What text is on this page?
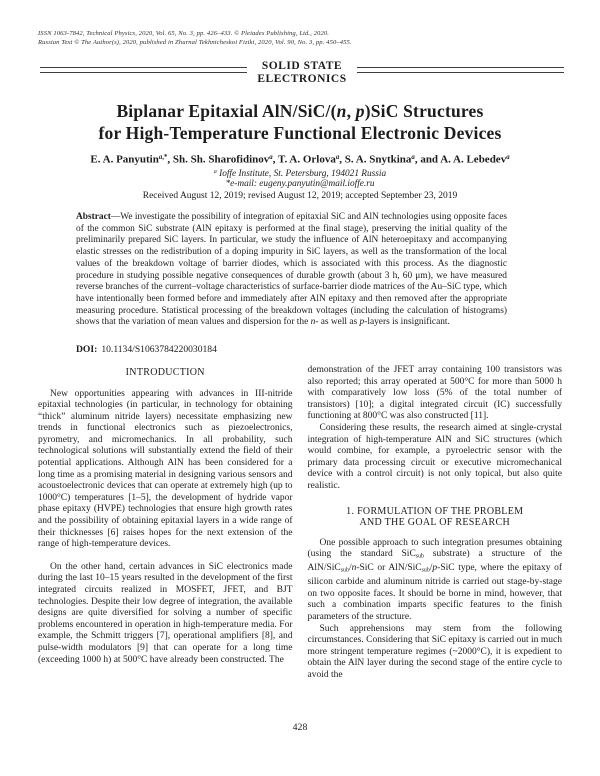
ISSN 1063-7842, Technical Physics, 2020, Vol. 65, No. 3, pp. 426–433. © Pleiades Publishing, Ltd., 2020.
Russian Text © The Author(s), 2020, published in Zhurnal Tekhnicheskoi Fiziki, 2020, Vol. 90, No. 3, pp. 450–455.
SOLID STATE
ELECTRONICS
Biplanar Epitaxial AlN/SiC/(n, p)SiC Structures
for High-Temperature Functional Electronic Devices
E. A. Panyutin$^{a,*}$, Sh. Sh. Sharofidinov$^a$, T. A. Orlova$^a$, S. A. Snytkina$^a$, and A. A. Lebedev$^a$
$^a$ Ioffe Institute, St. Petersburg, 194021 Russia
*e-mail: eugeny.panyutin@mail.ioffe.ru
Received August 12, 2019; revised August 12, 2019; accepted September 23, 2019

Abstract—We investigate the possibility of integration of epitaxial SiC and AlN technologies using opposite faces of the common SiC substrate (AlN epitaxy is performed at the final stage), preserving the initial quality of the preliminarily prepared SiC layers. In particular, we study the influence of AlN heteroepitaxy and accompanying elastic stresses on the redistribution of a doping impurity in SiC layers, as well as the transformation of the local values of the breakdown voltage of barrier diodes, which is associated with this process. As the diagnostic procedure in studying possible negative consequences of durable growth (about 3 h, 60 μm), we have measured reverse branches of the current–voltage characteristics of surface-barrier diode matrices of the Au–SiC type, which have intentionally been formed before and immediately after AlN epitaxy and then removed after the appropriate measuring procedure. Statistical processing of the breakdown voltages (including the calculation of histograms) shows that the variation of mean values and dispersion for the n- as well as p-layers is insignificant.

DOI: 10.1134/S1063784220030184
INTRODUCTION

New opportunities appearing with advances in III-nitride epitaxial technologies (in particular, in technology for obtaining “thick” aluminum nitride layers) necessitate emphasizing new trends in functional electronics such as piezoelectronics, pyrometry, and micromechanics. In all probability, such technological solutions will substantially extend the field of their potential applications. Although AlN has been considered for a long time as a promising material in designing various sensors and acoustoelectronic devices that can operate at extremely high (up to 1000°C) temperatures [1–5], the development of hydride vapor phase epitaxy (HVPE) technologies that ensure high growth rates and the possibility of obtaining epitaxial layers in a wide range of their thicknesses [6] raises hopes for the next extension of the range of high-temperature devices.

On the other hand, certain advances in SiC electronics made during the last 10–15 years resulted in the development of the first integrated circuits realized in MOSFET, JFET, and BJT technologies. Despite their low degree of integration, the available designs are quite diversified for solving a number of specific problems encountered in operation in high-temperature media. For example, the Schmitt triggers [7], operational amplifiers [8], and pulse-width modulators [9] that can operate for a long time (exceeding 1000 h) at 500°C have already been constructed. The

demonstration of the JFET array containing 100 transistors was also reported; this array operated at 500°C for more than 5000 h with comparatively low loss (5% of the total number of transistors) [10]; a digital integrated circuit (IC) successfully functioning at 800°C was also constructed [11].

Considering these results, the research aimed at single-crystal integration of high-temperature AlN and SiC structures (which would combine, for example, a pyroelectric sensor with the primary data processing circuit or executive micromechanical device with a control circuit) is not only topical, but also quite realistic.

1. FORMULATION OF THE PROBLEM
AND THE GOAL OF RESEARCH

One possible approach to such integration presumes obtaining (using the standard SiCsub substrate) a structure of the AlN/SiCsub/n-SiC or AlN/SiCsub/p-SiC type, where the epitaxy of silicon carbide and aluminum nitride is carried out stage-by-stage on two opposite faces. It should be borne in mind, however, that such a combination imparts specific features to the finish parameters of the structure.

Such apprehensions may stem from the following circumstances. Considering that SiC epitaxy is carried out in much more stringent temperature regimes (~2000°C), it is expedient to obtain the AlN layer during the second stage of the entire cycle to avoid the

428
